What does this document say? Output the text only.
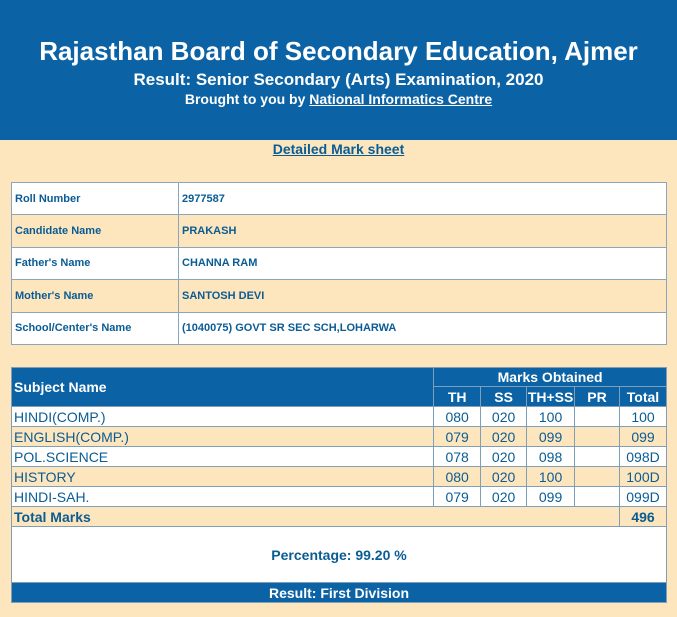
Rajasthan Board of Secondary Education, Ajmer
Result: Senior Secondary (Arts) Examination, 2020
Brought to you by National Informatics Centre
Detailed Mark sheet
Roll Number	2977587
Candidate Name	PRAKASH
Father's Name	CHANNA RAM
Mother's Name	SANTOSH DEVI
School/Center's Name	(1040075) GOVT SR SEC SCH,LOHARWA
Subject Name	Marks Obtained				
	TH	SS	TH+SS	PR	Total
HINDI(COMP.)	080	020	100		100
ENGLISH(COMP.)	079	020	099		099
POL.SCIENCE	078	020	098		098D
HISTORY	080	020	100		100D
HINDI-SAH.	079	020	099		099D
Total Marks					496
Percentage: 99.20 %					
Result: First Division					
